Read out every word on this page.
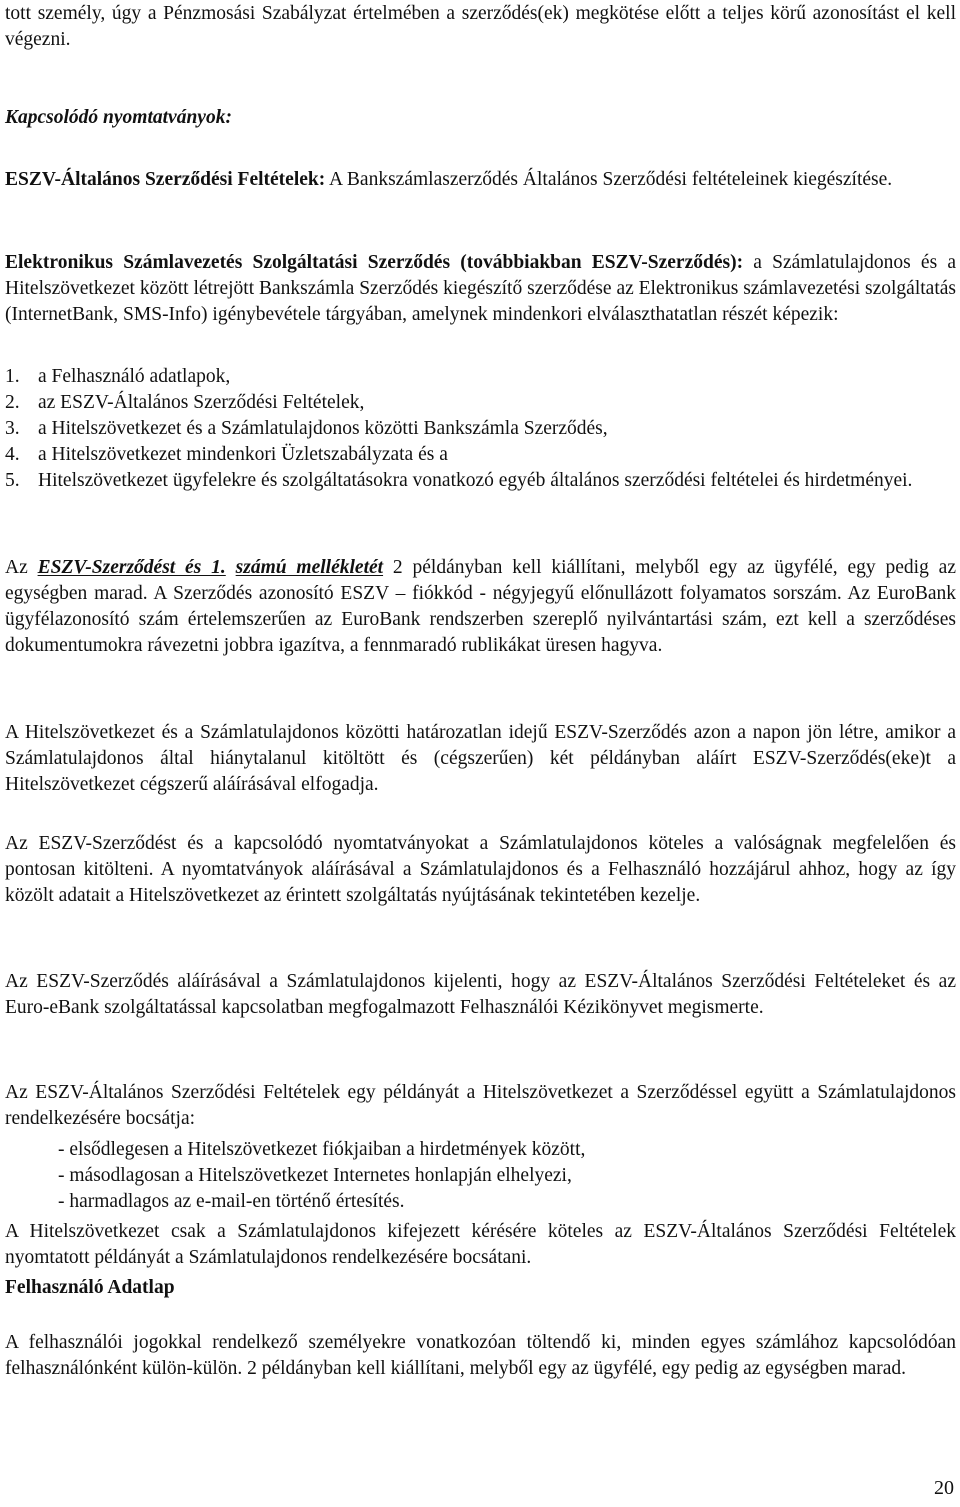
tott személy, úgy a Pénzmosási Szabályzat értelmében a szerződés(ek) megkötése előtt a teljes körű azonosítást el kell végezni.

Kapcsolódó nyomtatványok:

ESZV-Általános Szerződési Feltételek: A Bankszámlaszerződés Általános Szerződési feltételeinek kiegészítése.

Elektronikus Számlavezetés Szolgáltatási Szerződés (továbbiakban ESZV-Szerződés): a Számlatulajdonos és a Hitelszövetkezet között létrejött Bankszámla Szerződés kiegészítő szerződése az Elektronikus számlavezetési szolgáltatás (InternetBank, SMS-Info) igénybevétele tárgyában, amelynek mindenkori elválaszthatatlan részét képezik:

1. a Felhasználó adatlapok,
2. az ESZV-Általános Szerződési Feltételek,
3. a Hitelszövetkezet és a Számlatulajdonos közötti Bankszámla Szerződés,
4. a Hitelszövetkezet mindenkori Üzletszabályzata és a
5. Hitelszövetkezet ügyfelekre és szolgáltatásokra vonatkozó egyéb általános szerződési feltételei és hirdetményei.

Az ESZV-Szerződést és 1. számú mellékletét 2 példányban kell kiállítani, melyből egy az ügyfélé, egy pedig az egységben marad. A Szerződés azonosító ESZV – fiókkód - négyjegyű előnullázott folyamatos sorszám. Az EuroBank ügyfélazonosító szám értelemszerűen az EuroBank rendszerben szereplő nyilvántartási szám, ezt kell a szerződéses dokumentumokra rávezetni jobbra igazítva, a fennmaradó rublikákat üresen hagyva.

A Hitelszövetkezet és a Számlatulajdonos közötti határozatlan idejű ESZV-Szerződés azon a napon jön létre, amikor a Számlatulajdonos által hiánytalanul kitöltött és (cégszerűen) két példányban aláírt ESZV-Szerződés(eke)t a Hitelszövetkezet cégszerű aláírásával elfogadja.

Az ESZV-Szerződést és a kapcsolódó nyomtatványokat a Számlatulajdonos köteles a valóságnak megfelelően és pontosan kitölteni. A nyomtatványok aláírásával a Számlatulajdonos és a Felhasználó hozzájárul ahhoz, hogy az így közölt adatait a Hitelszövetkezet az érintett szolgáltatás nyújtásának tekintetében kezelje.

Az ESZV-Szerződés aláírásával a Számlatulajdonos kijelenti, hogy az ESZV-Általános Szerződési Feltételeket és az Euro-eBank szolgáltatással kapcsolatban megfogalmazott Felhasználói Kézikönyvet megismerte.

Az ESZV-Általános Szerződési Feltételek egy példányát a Hitelszövetkezet a Szerződéssel együtt a Számlatulajdonos rendelkezésére bocsátja:

- elsődlegesen a Hitelszövetkezet fiókjaiban a hirdetmények között,
- másodlagosan a Hitelszövetkezet Internetes honlapján elhelyezi,
- harmadlagos az e-mail-en történő értesítés.

A Hitelszövetkezet csak a Számlatulajdonos kifejezett kérésére köteles az ESZV-Általános Szerződési Feltételek nyomtatott példányát a Számlatulajdonos rendelkezésére bocsátani.

Felhasználó Adatlap

A felhasználói jogokkal rendelkező személyekre vonatkozóan töltendő ki, minden egyes számlához kapcsolódóan felhasználónként külön-külön. 2 példányban kell kiállítani, melyből egy az ügyfélé, egy pedig az egységben marad.

20
